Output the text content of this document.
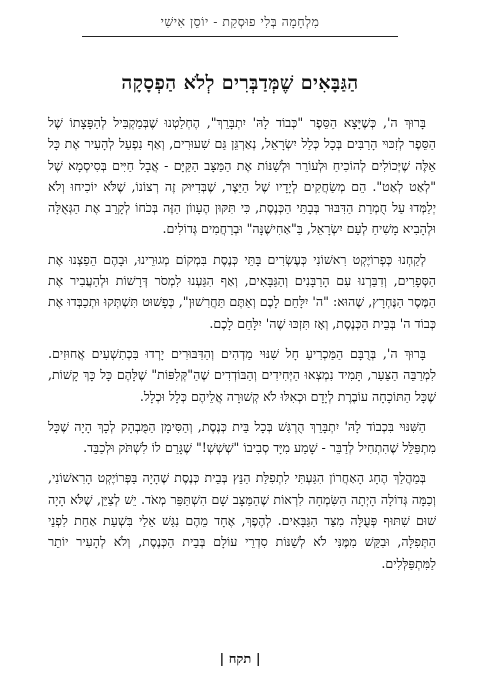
מִלְחָמָה בְּלִי פוּסְקַת - יוֹסֵן אִישִׁי
הַגַּבָּאִים שֶׁמְּדַבְּרִים לְלֹא הַפְסָקָה

בָּרוּךְ ה', כְּשֶׁיָּצָא הַסֵּפֶר "כְּבוֹד לָהּ' יִתְבָּרֵךְ", הֶחְלַטְנוּ שֶׁבְּמַקְבִּיל לְהַפָּצָתוֹ שֶׁל הַסֵּפֶר לְזִכּוּי הָרַבִּים בְּכָל כְּלַל יִשְׂרָאֵל, נְאַרְגֵּן גַּם שִׁעוּרִים, וְאַף נִפְעַל לְהָעִיר אֶת כָּל אֵלֶּה שֶׁיְּכוֹלִים לְהוֹכִיחַ וּלְעוֹרֵר וּלְשַׁנּוֹת אֶת הַמַּצָּב הַקַּיָּם - אֲבָל חַיִּים בְּסִיסְמָא שֶׁל "לְאַט לְאַט". הֵם מְשַׂחֲקִים לְיָדָיו שֶׁל הַיֵּצֶר, שֶׁבְּדִיּוּק זֶה רְצוֹנוֹ, שֶׁלֹּא יוֹכִיחוּ וְלֹא יְלַמְּדוּ עַל חֻמְרַת הַדִּבּוּר בְּבָתֵּי הַכְּנֶסֶת, כִּי תִּקּוּן הֶעָווֹן הַזֶּה בְּכֹחוֹ לְקָרֵב אֶת הַגְּאֻלָּה וּלְהָבִיא מָשִׁיחַ לְעַם יִשְׂרָאֵל, בַּ"אַחִישֶׁנָּה" וּבְרַחֲמִים גְּדוֹלִים.

לְקַחְנוּ כְּפְרוֹיֶקְט רִאשׁוֹנִי כְּעֶשְׂרִים בָּתֵּי כְּנֶסֶת בִּמְקוֹם מְגוּרֵינוּ, וּבָהֶם הֵפַצְנוּ אֶת הַסְּפָרִים, וְדִבַּרְנוּ עִם הָרַבָּנִים וְהַגַּבָּאִים, וְאַף הִגַּעְנוּ לִמְסֹר דְּרָשׁוֹת וּלְהַעֲבִיר אֶת הַמֶּסֶר הַנֶּחְרָץ, שֶׁהוּא: "ה' יִלָּחֵם לָכֶם וְאַתֶּם תַּחֲרִשׁוּן", כְּפָשׁוּט תִּשְׁתְּקוּ וּתְכַבְּדוּ אֶת כְּבוֹד ה' בְּבֵית הַכְּנֶסֶת, וְאָז תִּזְכּוּ שֶׁה' יִלָּחֵם לָכֶם.

בָּרוּךְ ה', בְּרֻבָּם הַמַּכְרִיעַ חָל שִׁנּוּי מַדְהִים וְהַדִּבּוּרִים יָרְדוּ בִּכְתִשְׁעִים אֲחוּזִים. לִמְרַבֵּה הַצַּעַר, תָּמִיד נִמְצְאוּ הַיְּחִידִים וְהַבּוֹדְדִים שֶׁהַ"קְּלִפּוֹת" שֶׁלָּהֶם כָּל כָּךְ קָשׁוֹת, שֶׁכָּל הַתּוֹכָחָה עוֹבֶרֶת לְיָדָם וּכְאִלּוּ לֹא קְשׁוּרָה אֲלֵיהֶם כְּלָל וּכְלָל.

הַשִּׁנּוּי בִּכְבוֹד לָהּ' יִתְבָּרֵךְ הֻרְגַּשׁ בְּכָל בֵּית כְּנֶסֶת, וְהַסִּימָן הַמֻּבְהָק לְכָךְ הָיָה שֶׁכָּל מִתְפַּלֵּל שֶׁהִתְחִיל לְדַבֵּר - שָׁמַע מִיָּד סְבִיבוֹ "שְׁשְׁשְׁ!" שֶׁגָּרַם לוֹ לִשְׁתֹּק וּלְכַבֵּד.

בְּמַהֲלַךְ הֶחָג הָאַחֲרוֹן הִגַּעְתִּי לִתְפִלַּת הַנֵּץ בְּבֵית כְּנֶסֶת שֶׁהָיָה בַּפְּרוֹיֶקְט הָרִאשׁוֹנִי, וְכַמָּה גְּדוֹלָה הָיְתָה הַשִּׂמְחָה לִרְאוֹת שֶׁהַמַּצָּב שָׁם הִשְׁתַּפֵּר מְאֹד. יֵשׁ לְצַיֵּן, שֶׁלֹּא הָיָה שׁוּם שִׁתּוּף פְּעֻלָּה מִצַּד הַגַּבָּאִים. לְהֶפֶךְ, אֶחָד מֵהֶם נִגַּשׁ אֵלַי בִּשְׁעַת אַחַת לִפְנֵי הַתְּפִלָּה, וּבִקֵּשׁ מִמֶּנִּי לֹא לְשַׁנּוֹת סִדְרֵי עוֹלָם בְּבֵית הַכְּנֶסֶת, וְלֹא לְהָעִיר יוֹתֵר לַמִּתְפַּלְּלִים.

| תקח |
